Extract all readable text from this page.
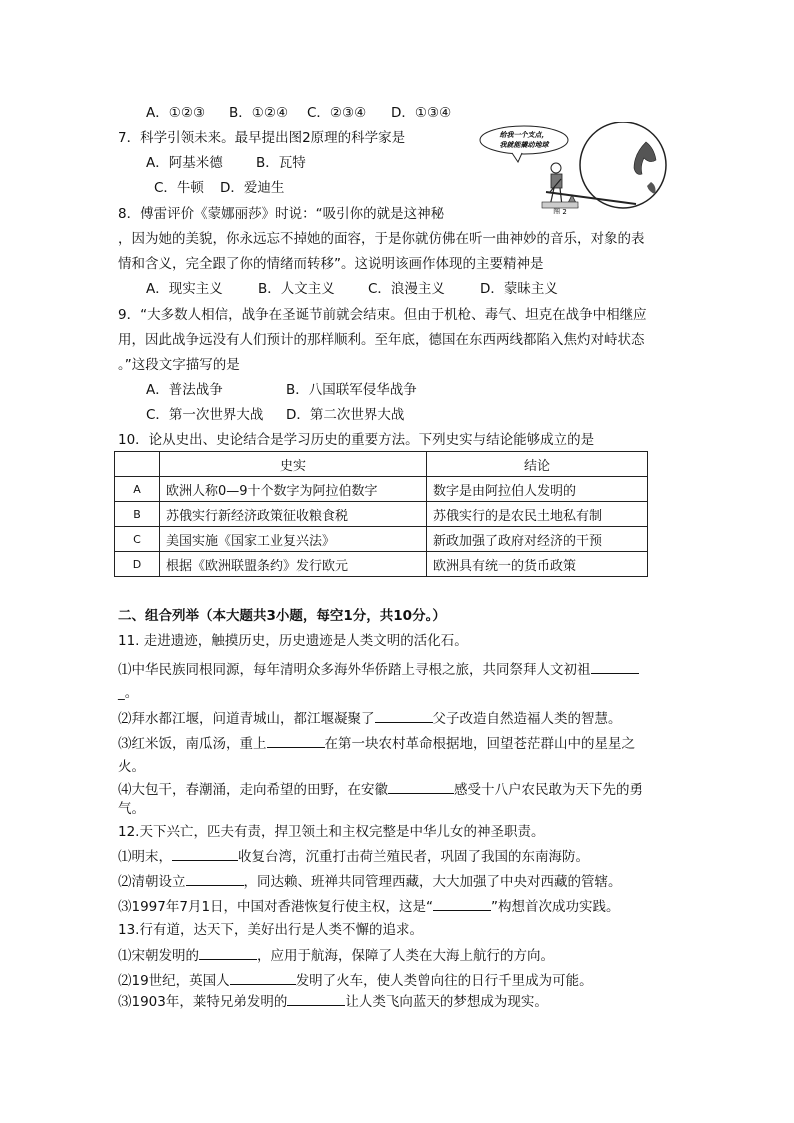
A．①②③ B．①②④ C．②③④ D．①③④
7．科学引领未来。最早提出图2原理的科学家是
A．阿基米德 B．瓦特
C．牛顿 D．爱迪生
给我一个支点，
我就能撬动地球
图 2
8．傅雷评价《蒙娜丽莎》时说：“吸引你的就是这神秘
，因为她的美貌，你永远忘不掉她的面容，于是你就仿佛在听一曲神妙的音乐，对象的表
情和含义，完全跟了你的情绪而转移”。这说明该画作体现的主要精神是
A．现实主义	B．人文主义 C．浪漫主义	D．蒙昧主义
9．“大多数人相信，战争在圣诞节前就会结束。但由于机枪、毒气、坦克在战争中相继应
用，因此战争远没有人们预计的那样顺利。至年底，德国在东西两线都陷入焦灼对峙状态
。”这段文字描写的是
A．普法战争	B．八国联军侵华战争
C．第一次世界大战 D．第二次世界大战
10．论从史出、史论结合是学习历史的重要方法。下列史实与结论能够成立的是
	史实	结论
A	欧洲人称0—9十个数字为阿拉伯数字	数字是由阿拉伯人发明的
B	苏俄实行新经济政策征收粮食税	苏俄实行的是农民土地私有制
C	美国实施《国家工业复兴法》	新政加强了政府对经济的干预
D	根据《欧洲联盟条约》发行欧元	欧洲具有统一的货币政策
二、组合列举（本大题共3小题，每空1分，共10分。）
11. 走进遗迹，触摸历史，历史遗迹是人类文明的活化石。
⑴中华民族同根同源，每年清明众多海外华侨踏上寻根之旅，共同祭拜人文初祖
_。
⑵拜水都江堰，问道青城山，都江堰凝聚了	父子改造自然造福人类的智慧。
⑶红米饭，南瓜汤，重上	在第一块农村革命根据地，回望苍茫群山中的星星之
火。
⑷大包干，春潮涌，走向希望的田野，在安徽	感受十八户农民敢为天下先的勇
气。
12.天下兴亡，匹夫有责，捍卫领土和主权完整是中华儿女的神圣职责。
⑴明末，	收复台湾，沉重打击荷兰殖民者，巩固了我国的东南海防。
⑵清朝设立	，同达赖、班禅共同管理西藏，大大加强了中央对西藏的管辖。
⑶1997年7月1日，中国对香港恢复行使主权，这是“	”构想首次成功实践。
13.行有道，达天下，美好出行是人类不懈的追求。
⑴宋朝发明的	，应用于航海，保障了人类在大海上航行的方向。
⑵19世纪，英国人	发明了火车，使人类曾向往的日行千里成为可能。
⑶1903年，莱特兄弟发明的	让人类飞向蓝天的梦想成为现实。
